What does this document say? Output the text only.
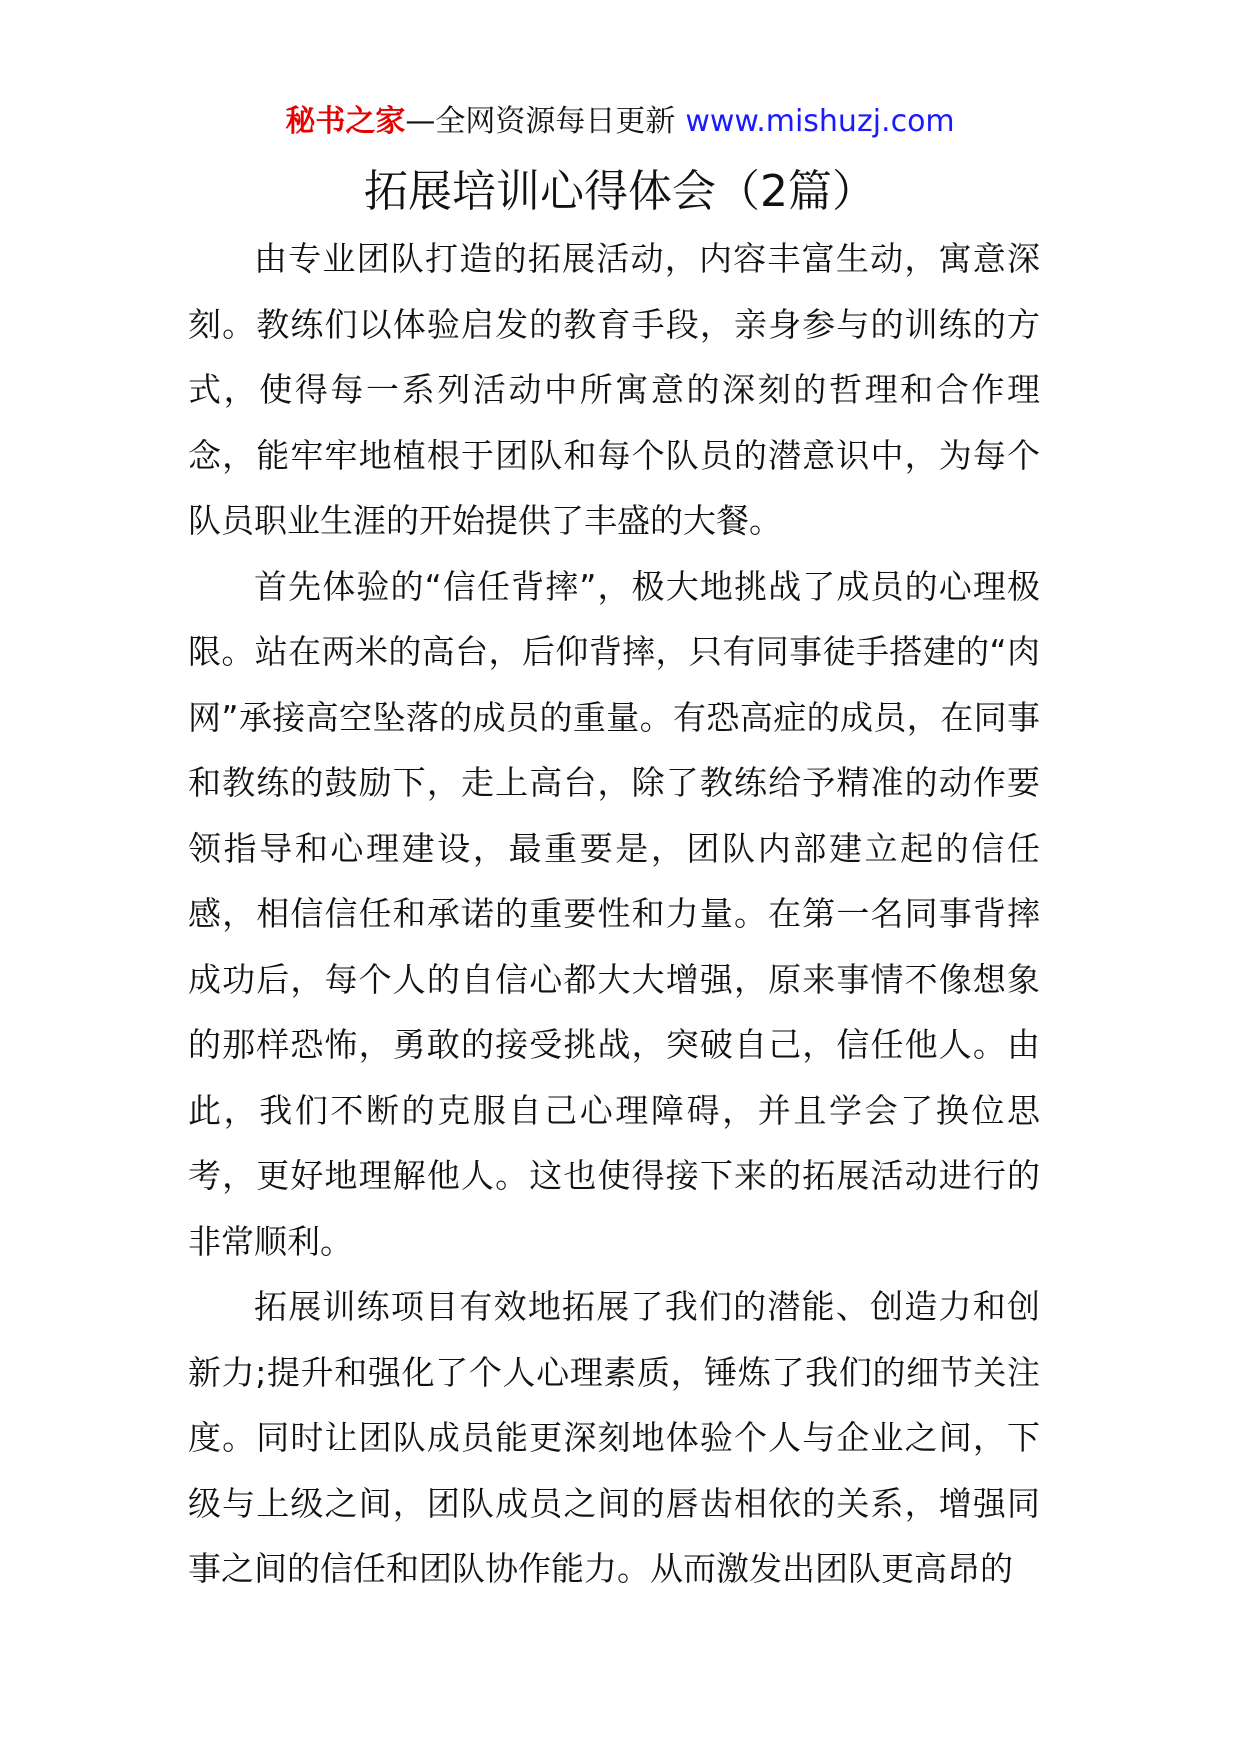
秘书之家—全网资源每日更新 www.mishuzj.com
拓展培训心得体会（2篇）

由专业团队打造的拓展活动，内容丰富生动，寓意深刻。教练们以体验启发的教育手段，亲身参与的训练的方式，使得每一系列活动中所寓意的深刻的哲理和合作理念，能牢牢地植根于团队和每个队员的潜意识中，为每个队员职业生涯的开始提供了丰盛的大餐。

首先体验的“信任背摔”，极大地挑战了成员的心理极限。站在两米的高台，后仰背摔，只有同事徒手搭建的“肉网”承接高空坠落的成员的重量。有恐高症的成员，在同事和教练的鼓励下，走上高台，除了教练给予精准的动作要领指导和心理建设，最重要是，团队内部建立起的信任感，相信信任和承诺的重要性和力量。在第一名同事背摔成功后，每个人的自信心都大大增强，原来事情不像想象的那样恐怖，勇敢的接受挑战，突破自己，信任他人。由此，我们不断的克服自己心理障碍，并且学会了换位思考，更好地理解他人。这也使得接下来的拓展活动进行的非常顺利。

拓展训练项目有效地拓展了我们的潜能、创造力和创新力;提升和强化了个人心理素质，锤炼了我们的细节关注度。同时让团队成员能更深刻地体验个人与企业之间，下级与上级之间，团队成员之间的唇齿相依的关系，增强同事之间的信任和团队协作能力。从而激发出团队更高昂的
